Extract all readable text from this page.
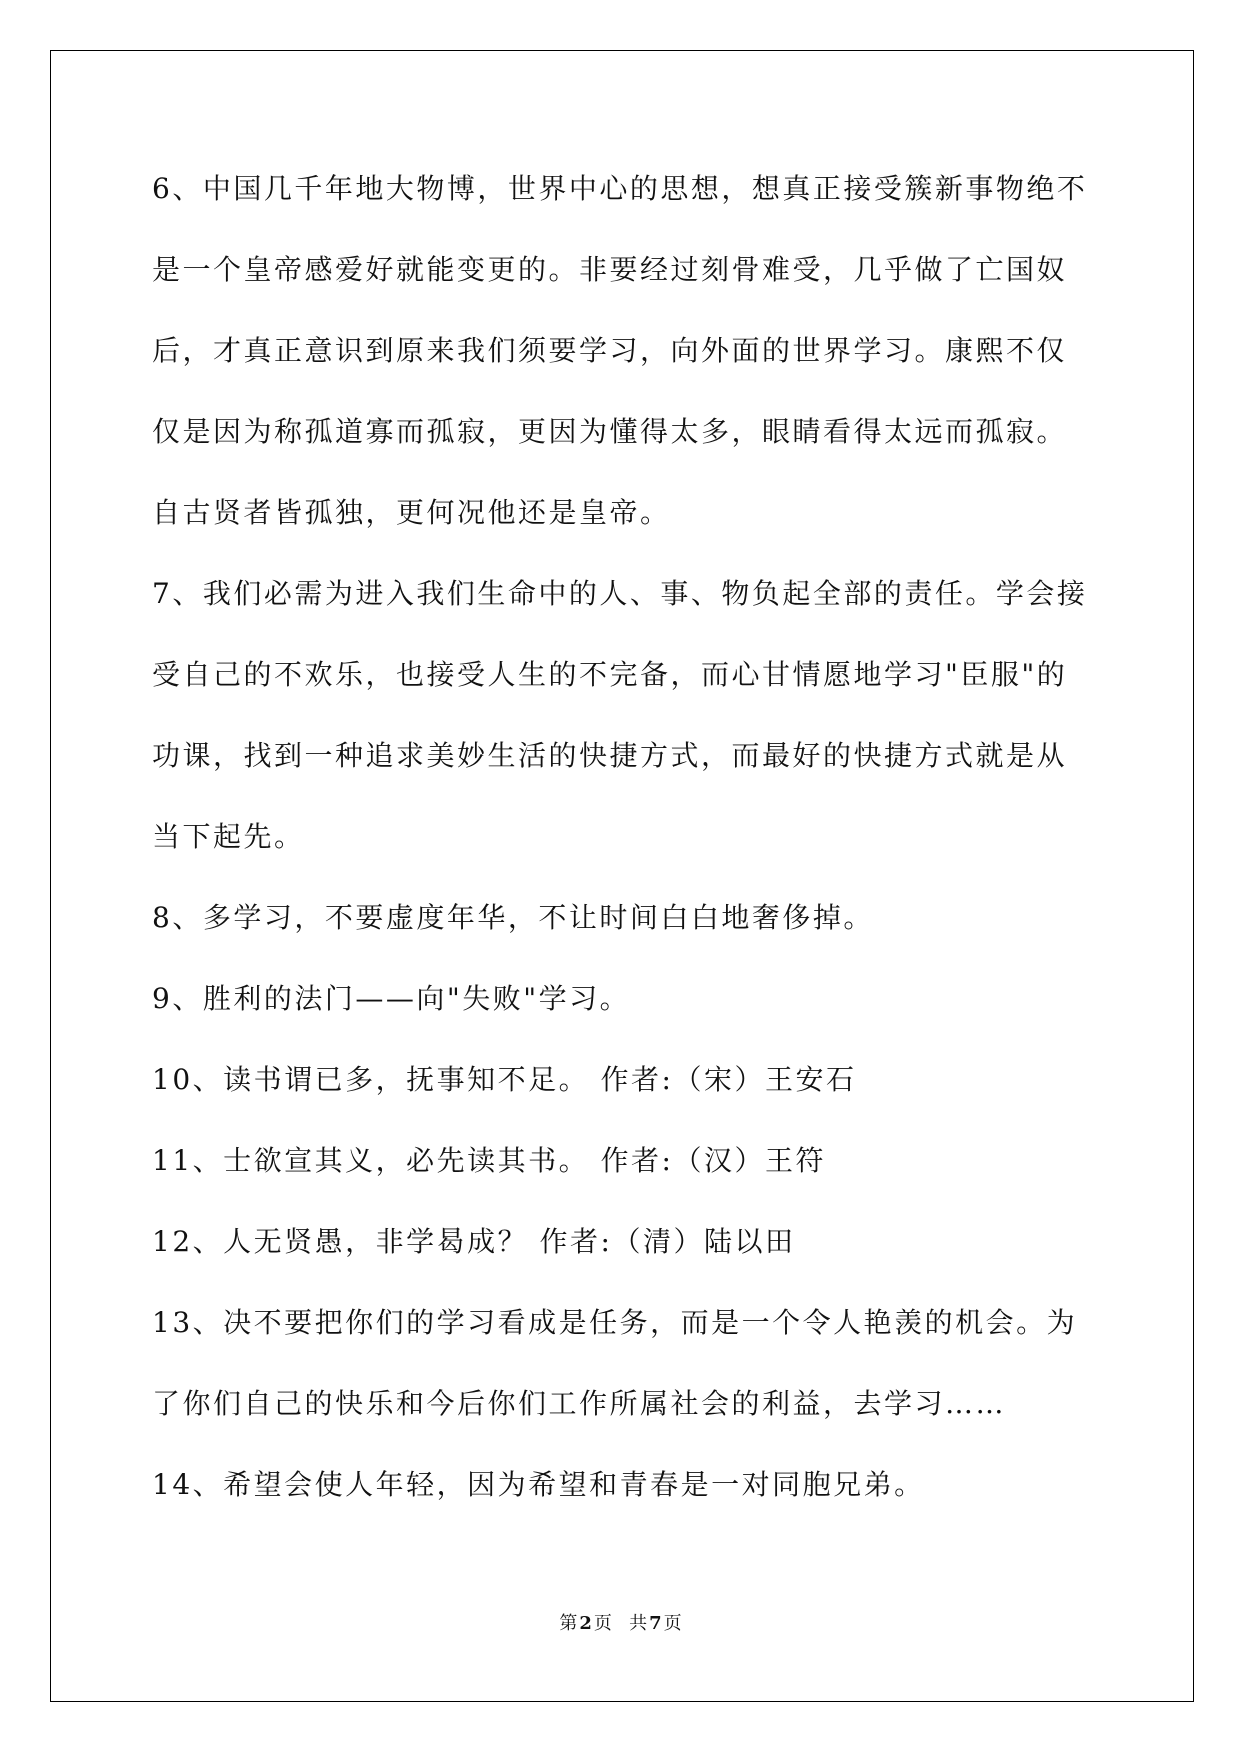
6、中国几千年地大物博，世界中心的思想，想真正接受簇新事物绝不
是一个皇帝感爱好就能变更的。非要经过刻骨难受，几乎做了亡国奴
后，才真正意识到原来我们须要学习，向外面的世界学习。康熙不仅
仅是因为称孤道寡而孤寂，更因为懂得太多，眼睛看得太远而孤寂。
自古贤者皆孤独，更何况他还是皇帝。
7、我们必需为进入我们生命中的人、事、物负起全部的责任。学会接
受自己的不欢乐，也接受人生的不完备，而心甘情愿地学习"臣服"的
功课，找到一种追求美妙生活的快捷方式，而最好的快捷方式就是从
当下起先。
8、多学习，不要虚度年华，不让时间白白地奢侈掉。
9、胜利的法门——向"失败"学习。
10、读书谓已多，抚事知不足。 作者:（宋）王安石
11、士欲宣其义，必先读其书。 作者:（汉）王符
12、人无贤愚，非学曷成？ 作者:（清）陆以田
13、决不要把你们的学习看成是任务，而是一个令人艳羡的机会。为
了你们自己的快乐和今后你们工作所属社会的利益，去学习……
14、希望会使人年轻，因为希望和青春是一对同胞兄弟。
第 2 页   共 7 页
